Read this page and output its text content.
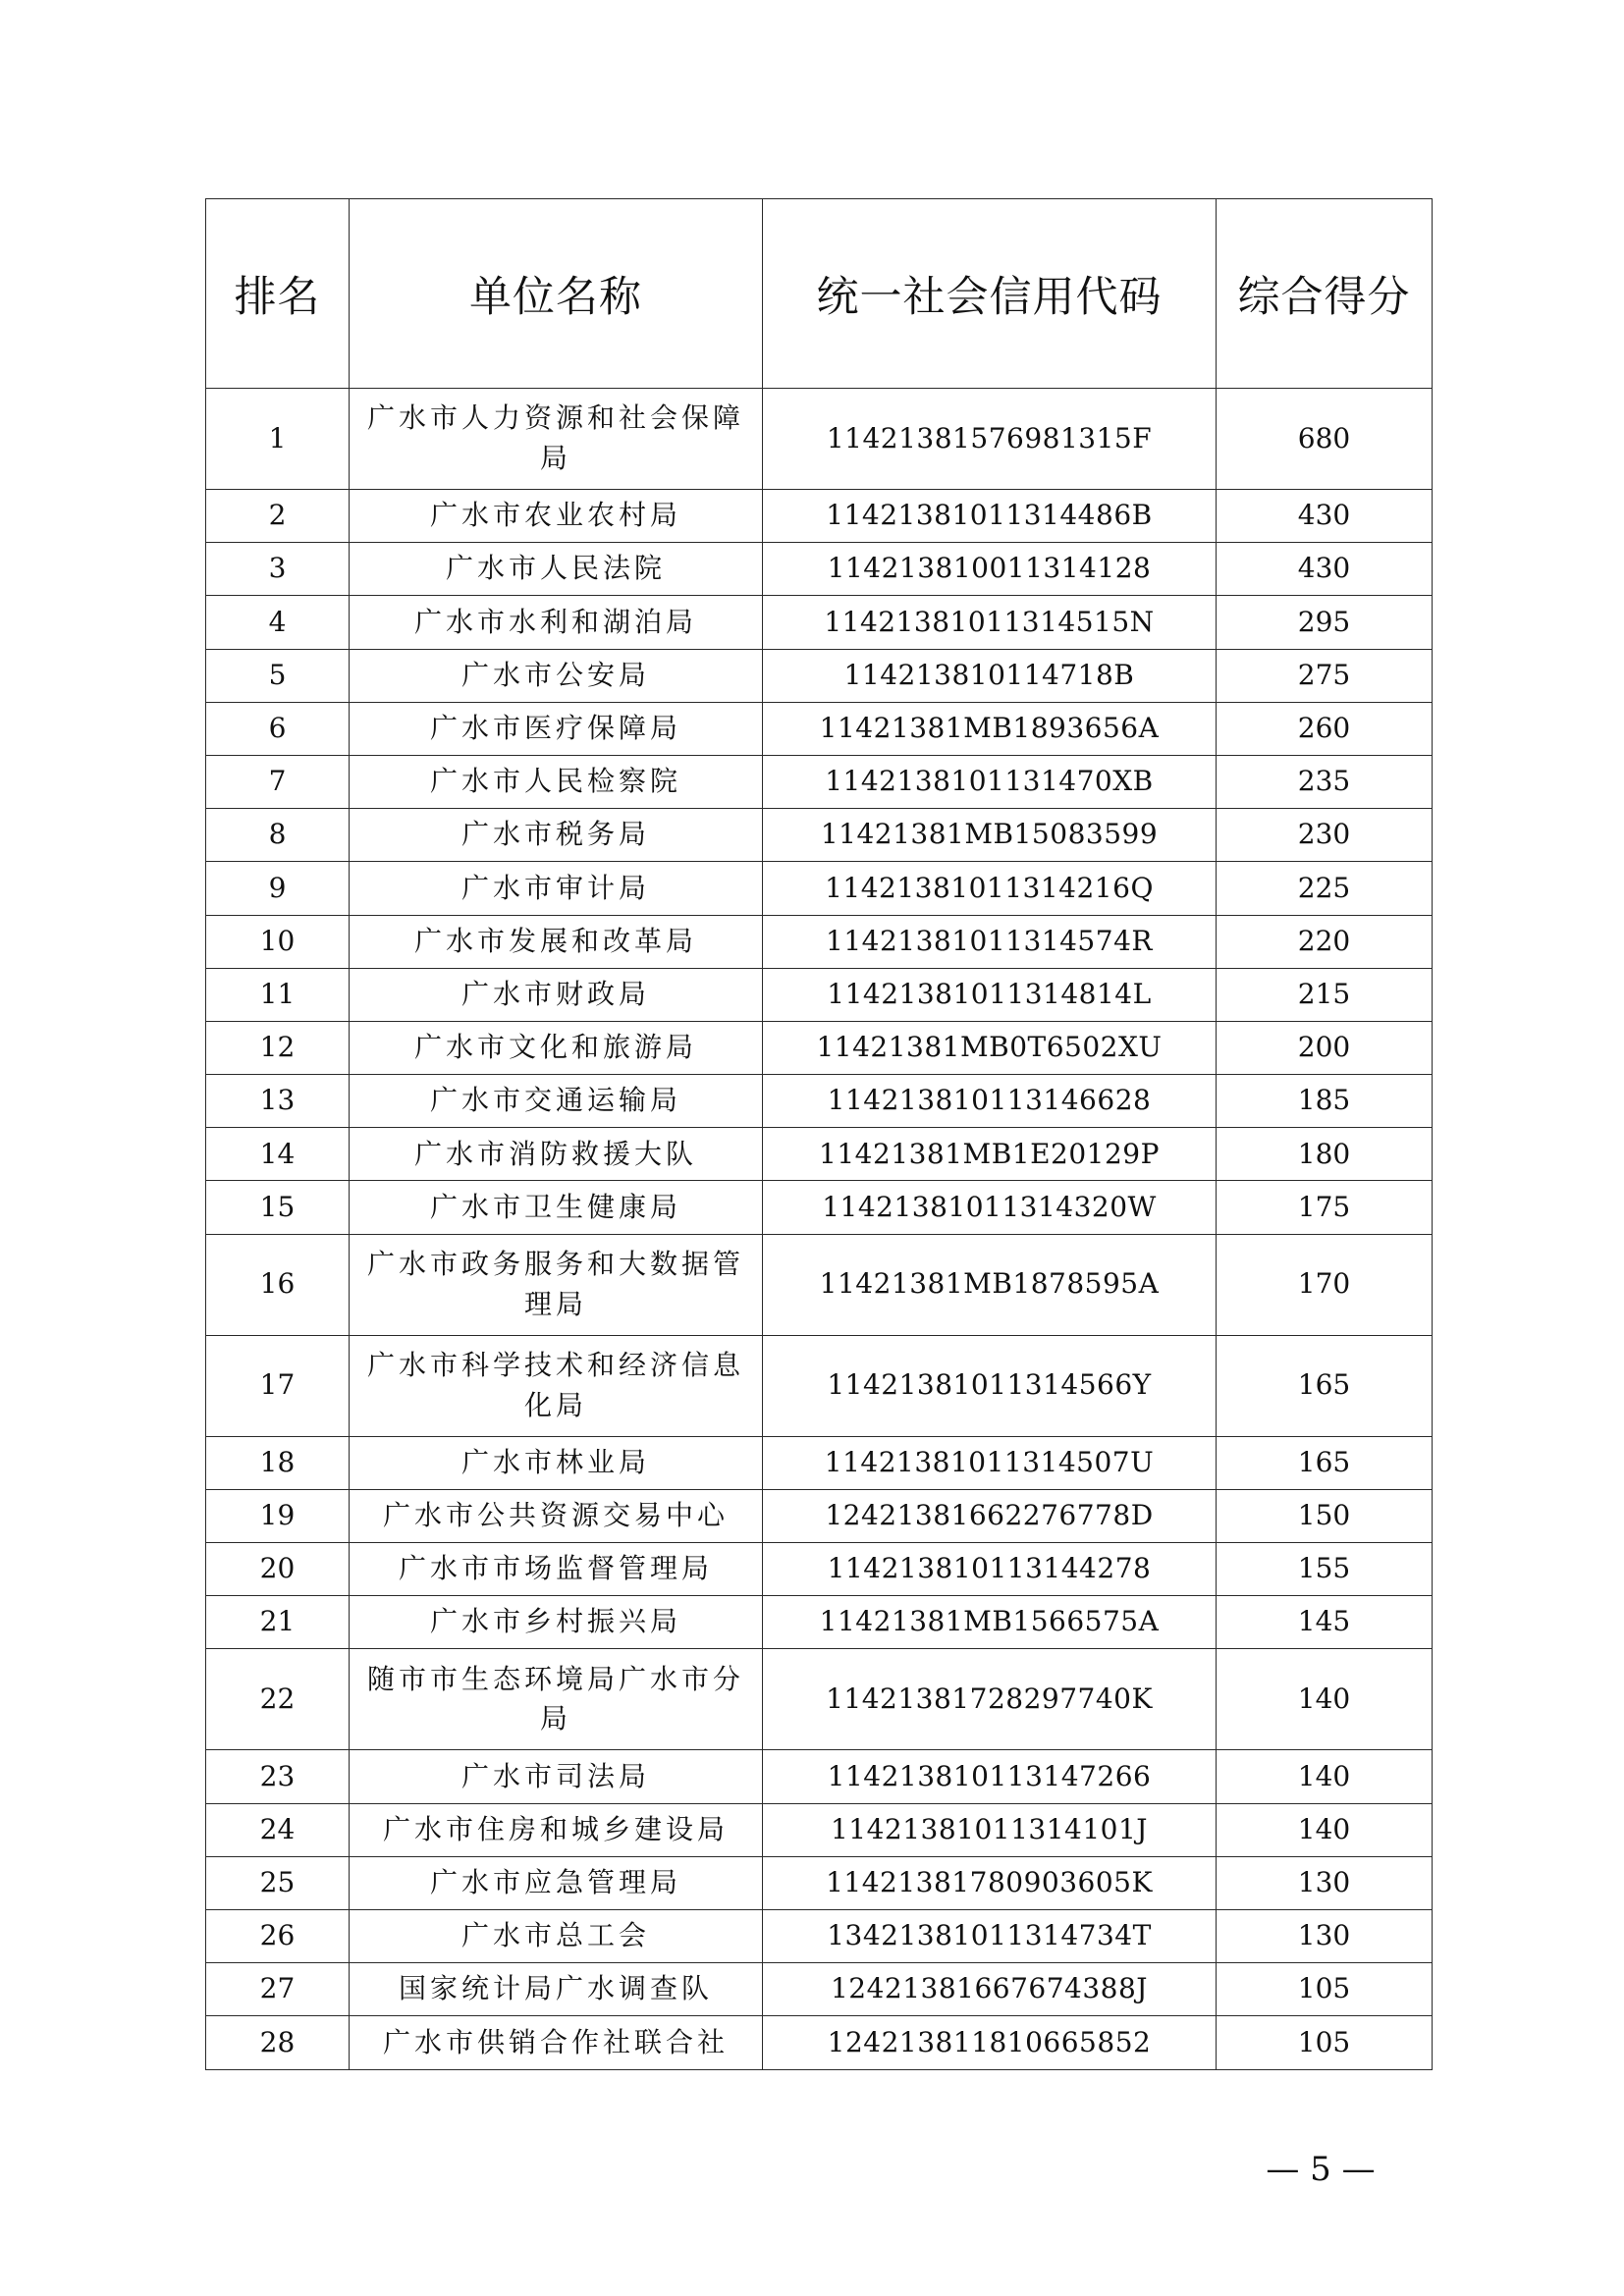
排名	单位名称	统一社会信用代码	综合得分
1	广水市人力资源和社会保障局	11421381576981315F	680
2	广水市农业农村局	11421381011314486B	430
3	广水市人民法院	11421381001131412​8	430
4	广水市水利和湖泊局	11421381011314515N	295
5	广水市公安局	114213810114718B	275
6	广水市医疗保障局	11421381MB1893656A	260
7	广水市人民检察院	1142138101131470XB	235
8	广水市税务局	11421381MB15083599	230
9	广水市审计局	11421381011314216Q	225
10	广水市发展和改革局	11421381011314574R	220
11	广水市财政局	11421381011314814L	215
12	广水市文化和旅游局	11421381MB0T6502XU	200
13	广水市交通运输局	114213810113146628	185
14	广水市消防救援大队	11421381MB1E20129P	180
15	广水市卫生健康局	11421381011314320W	175
16	广水市政务服务和大数据管理局	11421381MB1878595A	170
17	广水市科学技术和经济信息化局	11421381011314566Y	165
18	广水市林业局	11421381011314507U	165
19	广水市公共资源交易中心	12421381662276778D	150
20	广水市市场监督管理局	114213810113144278	155
21	广水市乡村振兴局	11421381MB1566575A	145
22	随市市生态环境局广水市分局	11421381728297740K	140
23	广水市司法局	114213810113147266	140
24	广水市住房和城乡建设局	11421381011314101J	140
25	广水市应急管理局	11421381780903605K	130
26	广水市总工会	13421381011314734T	130
27	国家统计局广水调查队	12421381667674388J	105
28	广水市供销合作社联合社	124213811810665852	105
— 5 —
